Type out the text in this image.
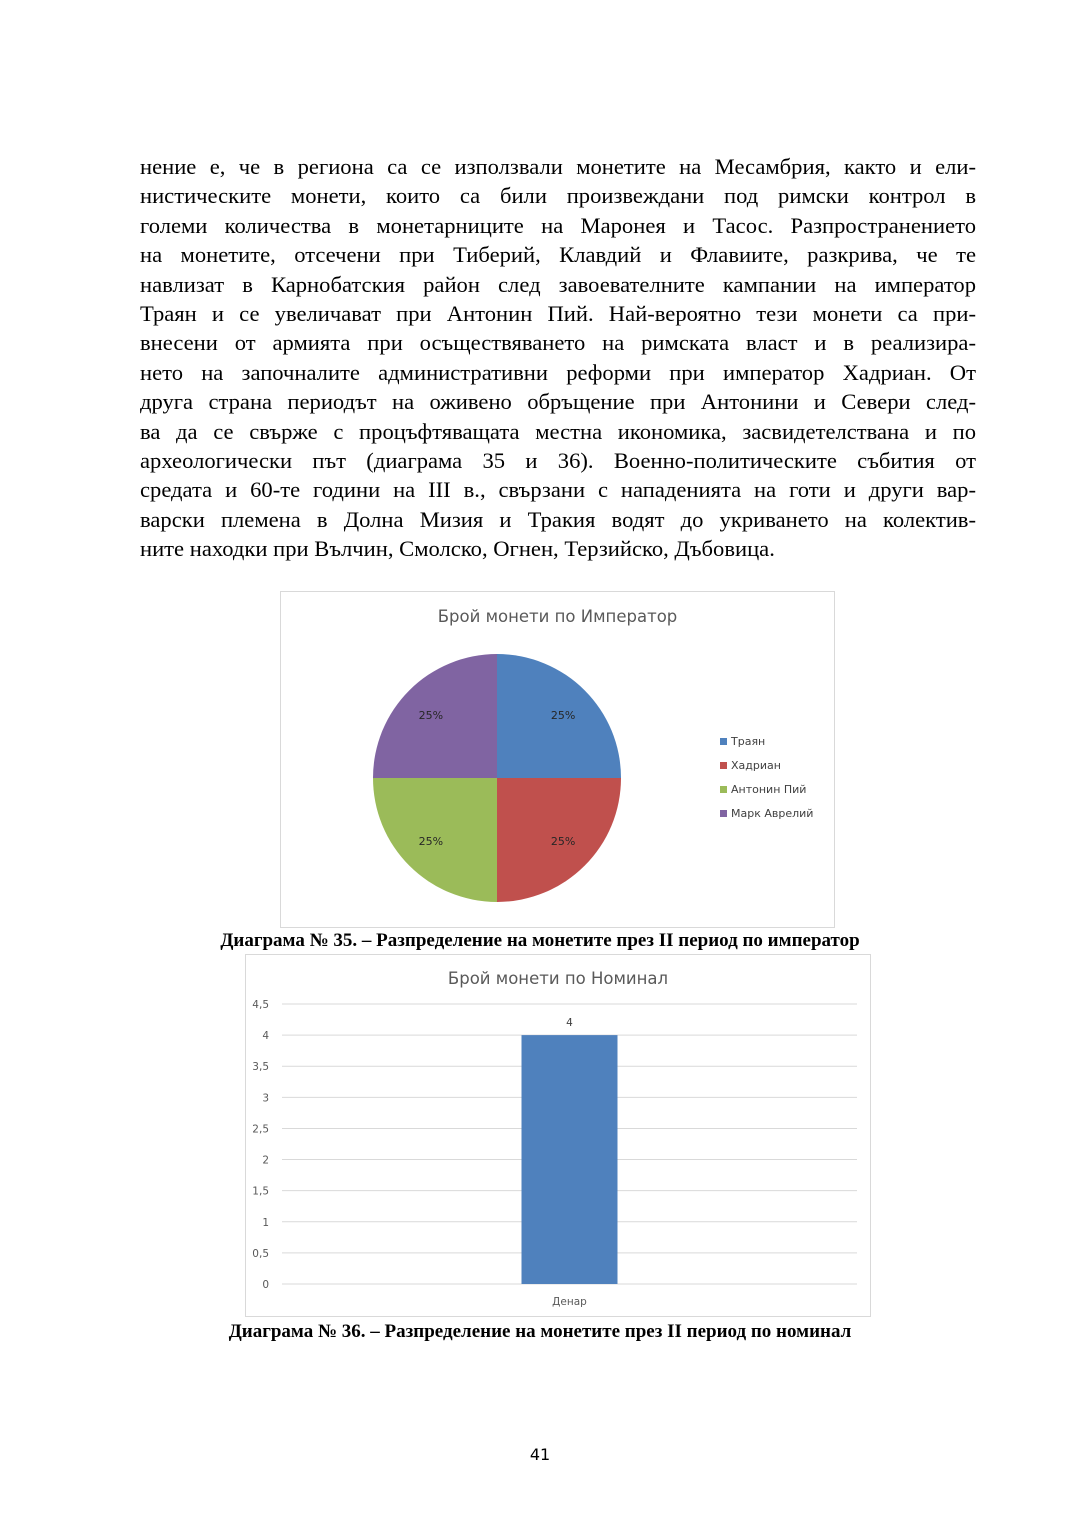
нение е, че в региона са се използвали монетите на Месамбрия, както и ели-
нистическите монети, които са били произвеждани под римски контрол в
големи количества в монетарниците на Маронея и Тасос. Разпространението
на монетите, отсечени при Тиберий, Клавдий и Флавиите, разкрива, че те
навлизат в Карнобатския район след завоевателните кампании на император
Траян и се увеличават при Антонин Пий. Най-вероятно тези монети са при-
внесени от армията при осъществяването на римската власт и в реализира-
нето на започналите административни реформи при император Хадриан. От
друга страна периодът на оживено обръщение при Антонини и Севери след-
ва да се свърже с процъфтяващата местна икономика, засвидетелствана и по
археологически път (диаграма 35 и 36). Военно-политическите събития от
средата и 60-те години на III в., свързани с нападенията на готи и други вар-
варски племена в Долна Мизия и Тракия водят до укриването на колектив-
ните находки при Вълчин, Смолско, Огнен, Терзийско, Дъбовица.
Брой монети по Император
25%
25%
25%
25%
Траян
Хадриан
Антонин Пий
Марк Аврелий
Диаграма № 35. – Разпределение на монетите през II период по император
Брой монети по Номинал
0
0,5
1
1,5
2
2,5
3
3,5
4
4,5
4
Денар
Диаграма № 36. – Разпределение на монетите през II период по номинал
41
